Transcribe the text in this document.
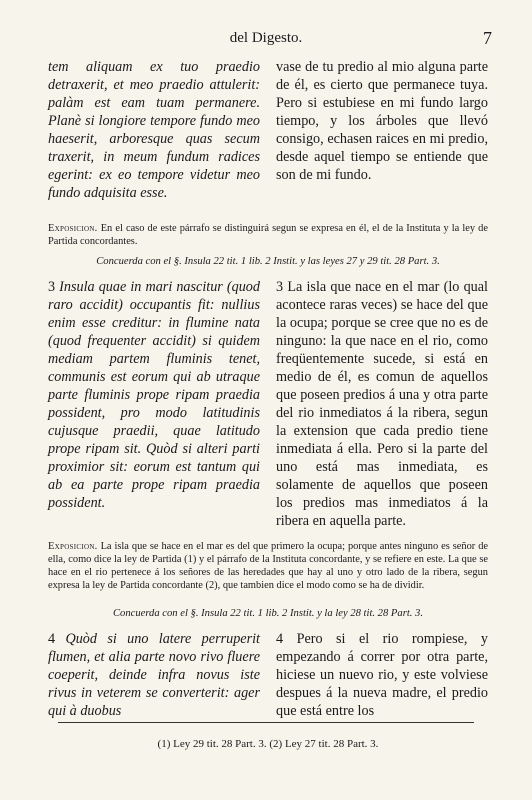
del Digesto.	7
tem aliquam ex tuo praedio detraxerit, et meo praedio attulerit: palàm est eam tuam permanere. Planè si longiore tempore fundo meo haeserit, arboresque quas secum traxerit, in meum fundum radices egerint: ex eo tempore videtur meo fundo adquisita esse.
vase de tu predio al mio alguna parte de él, es cierto que permanece tuya. Pero si estubiese en mi fundo largo tiempo, y los árboles que llevó consigo, echasen raices en mi predio, desde aquel tiempo se entiende que son de mi fundo.
Exposicion. En el caso de este párrafo se distinguirá segun se expresa en él, el de la Instituta y la ley de Partida concordantes.
Concuerda con el §. Insula 22 tit. 1 lib. 2 Instit. y las leyes 27 y 29 tit. 28 Part. 3.
3 Insula quae in mari nascitur (quod raro accidit) occupantis fit: nullius enim esse creditur: in flumine nata (quod frequenter accidit) si quidem mediam partem fluminis tenet, communis est eorum qui ab utraque parte fluminis prope ripam praedia possident, pro modo latitudinis cujusque praedii, quae latitudo prope ripam sit. Quòd si alteri parti proximior sit: eorum est tantum qui ab ea parte prope ripam praedia possident.
3 La isla que nace en el mar (lo qual acontece raras veces) se hace del que la ocupa; porque se cree que no es de ninguno: la que nace en el rio, como freqüentemente sucede, si está en medio de él, es comun de aquellos que poseen predios á una y otra parte del rio inmediatos á la ribera, segun la extension que cada predio tiene inmediata á ella. Pero si la parte del uno está mas inmediata, es solamente de aquellos que poseen los predios mas inmediatos á la ribera en aquella parte.
Exposicion. La isla que se hace en el mar es del que primero la ocupa; porque antes ninguno es señor de ella, como dice la ley de Partida (1) y el párrafo de la Instituta concordante, y se refiere en este. La que se hace en el rio pertenece á los señores de las heredades que hay al uno y otro lado de la ribera, segun expresa la ley de Partida concordante (2), que tambien dice el modo como se ha de dividir.
Concuerda con el §. Insula 22 tit. 1 lib. 2 Instit. y la ley 28 tit. 28 Part. 3.
4 Quòd si uno latere perruperit flumen, et alia parte novo rivo fluere coeperit, deinde infra novus iste rivus in veterem se converterit: ager qui à duobus
4 Pero si el rio rompiese, y empezando á correr por otra parte, hiciese un nuevo rio, y este volviese despues á la nueva madre, el predio que está entre los
(1) Ley 29 tit. 28 Part. 3. (2) Ley 27 tit. 28 Part. 3.
